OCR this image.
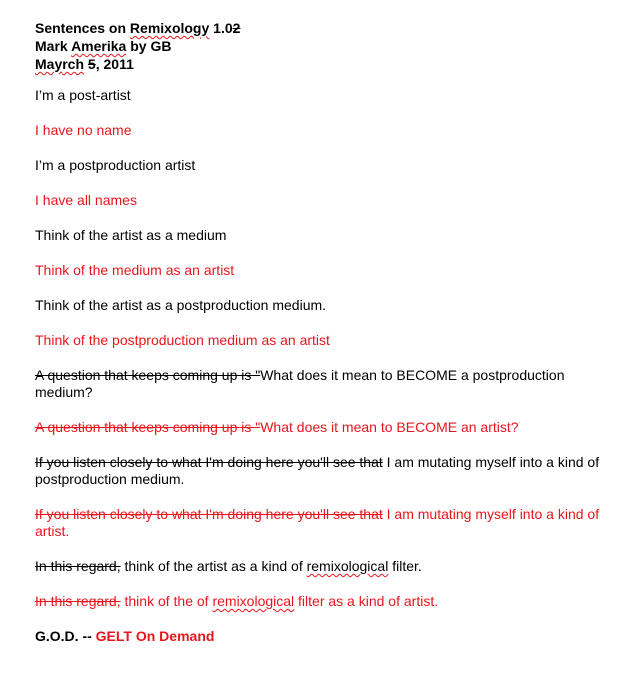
Sentences on Remixology 1.02
Mark Amerika by GB
Mayrch 5, 2011

I’m a post-artist

I have no name

I’m a postproduction artist

I have all names

Think of the artist as a medium

Think of the medium as an artist

Think of the artist as a postproduction medium.

Think of the postproduction medium as an artist

A question that keeps coming up is "What does it mean to BECOME a postproduction medium?

A question that keeps coming up is "What does it mean to BECOME an artist?

If you listen closely to what I'm doing here you'll see that I am mutating myself into a kind of postproduction medium.

If you listen closely to what I'm doing here you'll see that I am mutating myself into a kind of artist.

In this regard, think of the artist as a kind of remixological filter.

In this regard, think of the of remixological filter as a kind of artist.

G.O.D. -- GELT On Demand
